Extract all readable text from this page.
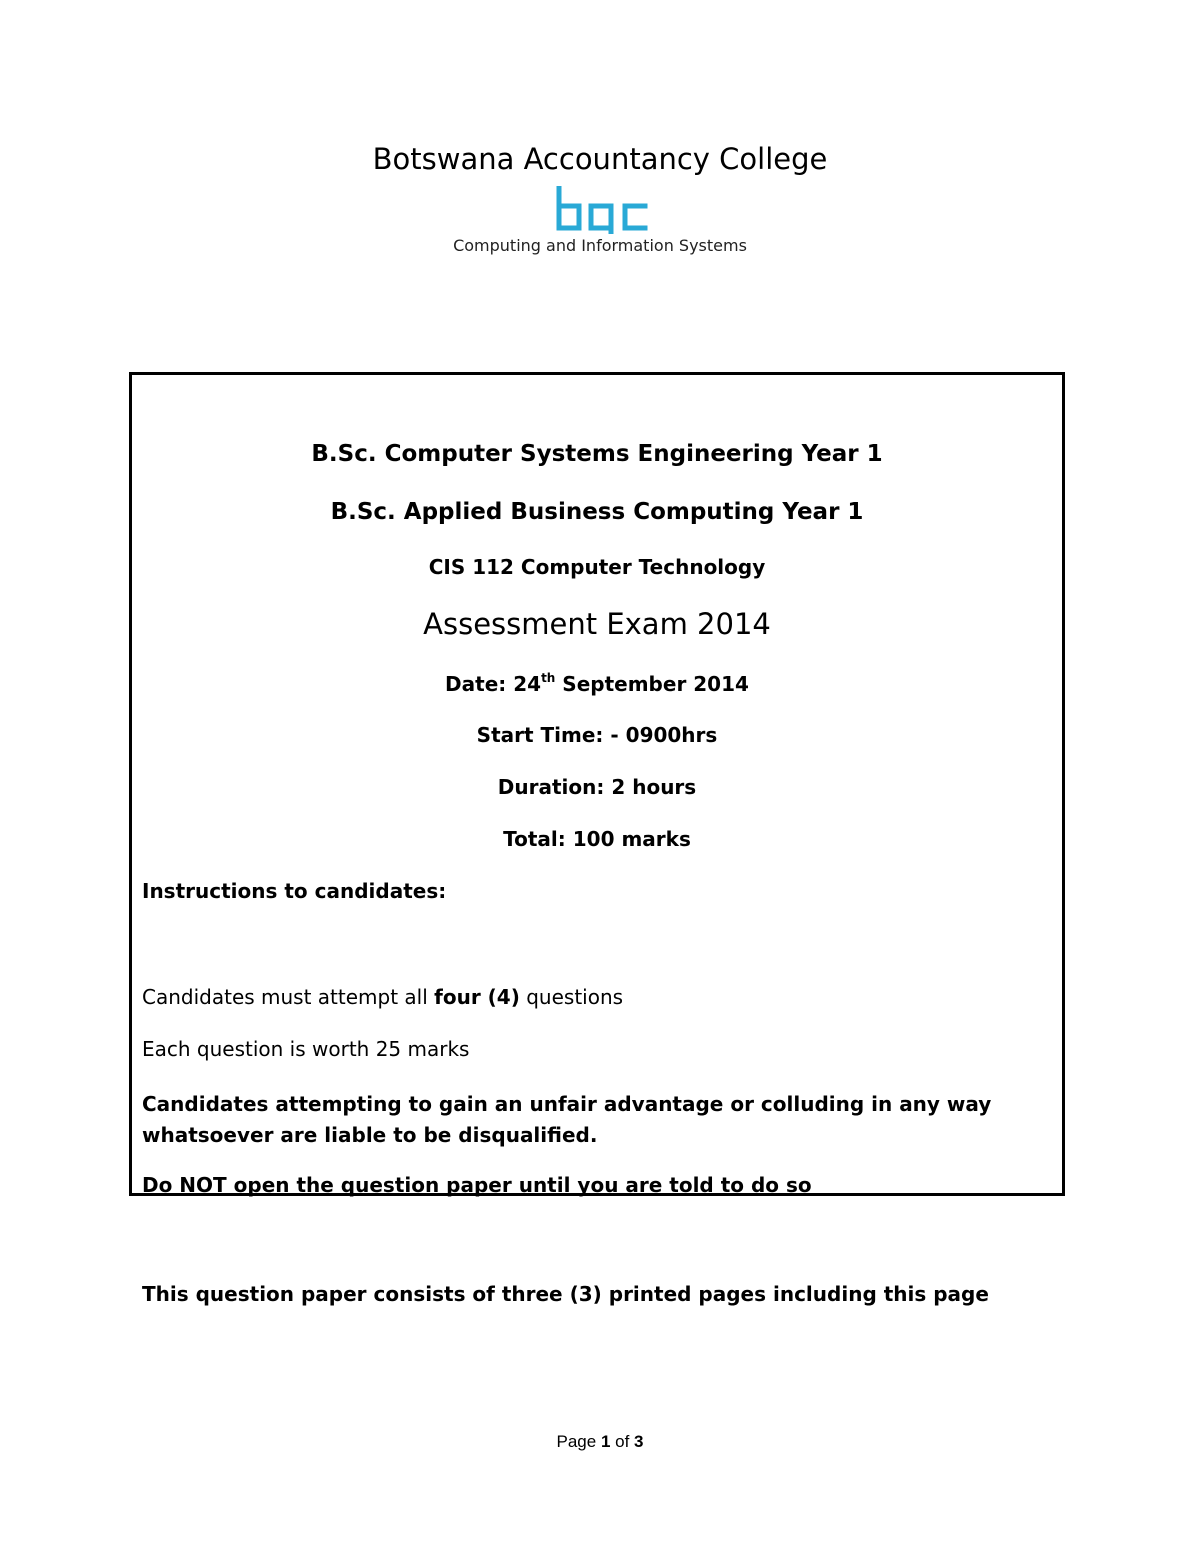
Botswana Accountancy College
Computing and Information Systems
B.Sc. Computer Systems Engineering Year 1
B.Sc. Applied Business Computing Year 1
CIS 112 Computer Technology
Assessment Exam 2014
Date: 24th September 2014
Start Time: - 0900hrs
Duration: 2 hours
Total: 100 marks
Instructions to candidates:
Candidates must attempt all four (4) questions
Each question is worth 25 marks
Candidates attempting to gain an unfair advantage or colluding in any way whatsoever are liable to be disqualified.
Do NOT open the question paper until you are told to do so
This question paper consists of three (3) printed pages including this page
Page 1 of 3
